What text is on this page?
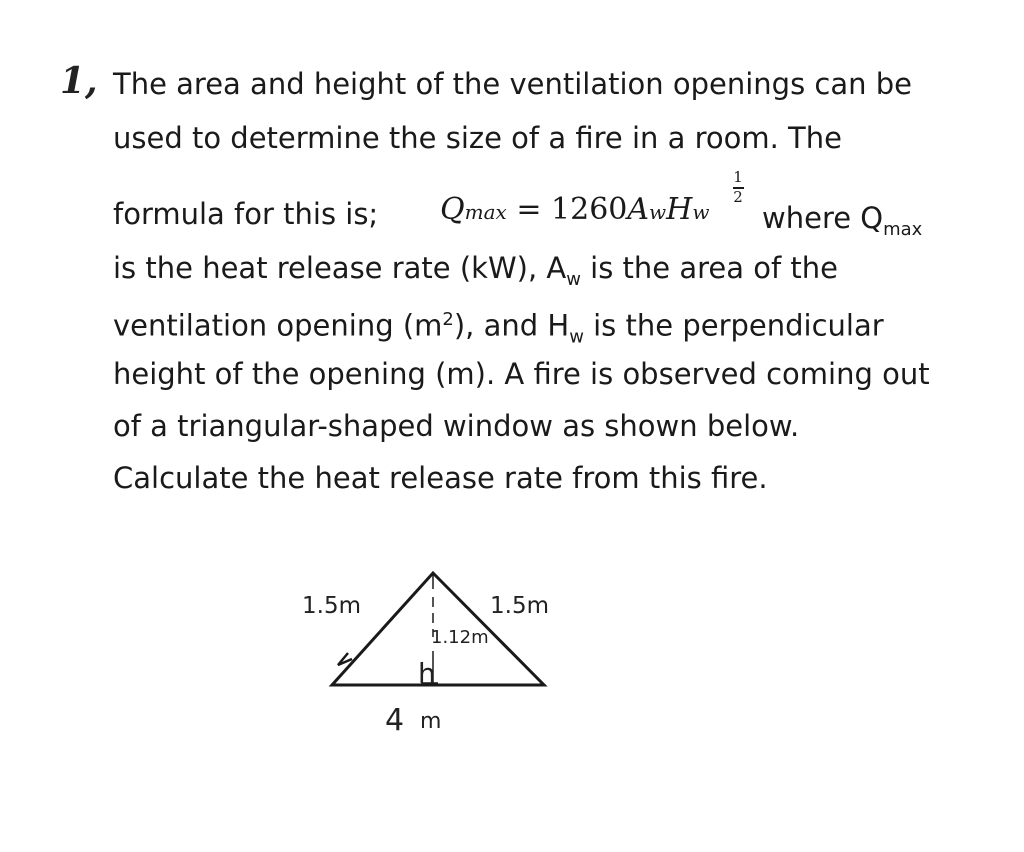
1, The area and height of the ventilation openings can be
used to determine the size of a fire in a room. The
formula for this is; Qmax = 1260AwHw
1
2
where $Q_{max}$
is the heat release rate (kW), $A_w$ is the area of the
ventilation opening $(m^2)$, and $H_w$ is the perpendicular
height of the opening (m). A fire is observed coming out
of a triangular-shaped window as shown below.
Calculate the heat release rate from this fire.
1.5m	1.5m
1.12m
h
4 m
